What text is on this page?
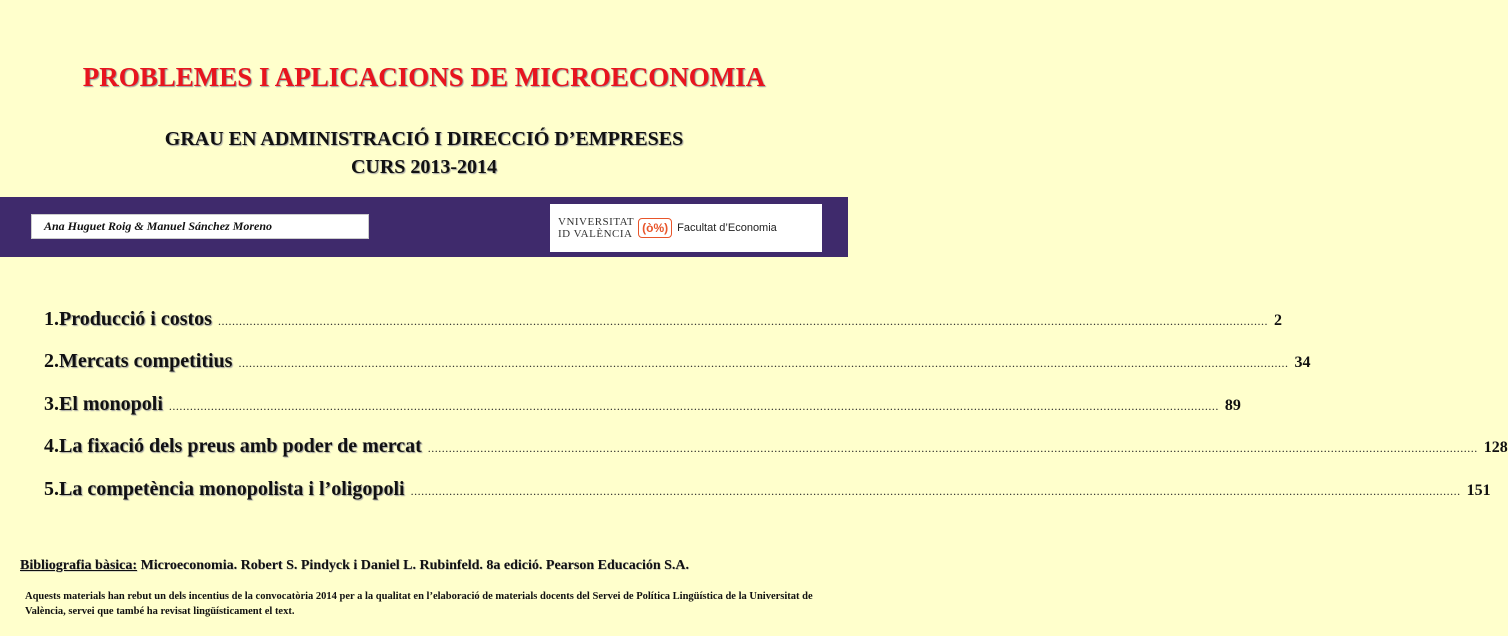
PROBLEMES I APLICACIONS DE MICROECONOMIA
GRAU EN ADMINISTRACIÓ I DIRECCIÓ D’EMPRESES
CURS 2013-2014
Ana Huguet Roig & Manuel Sánchez Moreno	VNIVERSITAT
ID VALÈNCIA (ò%) Facultat d’Economia
1. Producció i costos ............................................................................................................................................................................................................................................................................................................ 2
2. Mercats competitius ............................................................................................................................................................................................................................................................................................................ 34
3. El monopoli ............................................................................................................................................................................................................................................................................................................ 89
4. La fixació dels preus amb poder de mercat ............................................................................................................................................................................................................................................................................................................ 128
5. La competència monopolista i l’oligopoli ............................................................................................................................................................................................................................................................................................................ 151
Bibliografia bàsica: Microeconomia. Robert S. Pindyck i Daniel L. Rubinfeld. 8a edició. Pearson Educación S.A.
Aquests materials han rebut un dels incentius de la convocatòria 2014 per a la qualitat en l’elaboració de materials docents del Servei de Política Lingüística de la Universitat de València, servei que també ha revisat lingüísticament el text.
